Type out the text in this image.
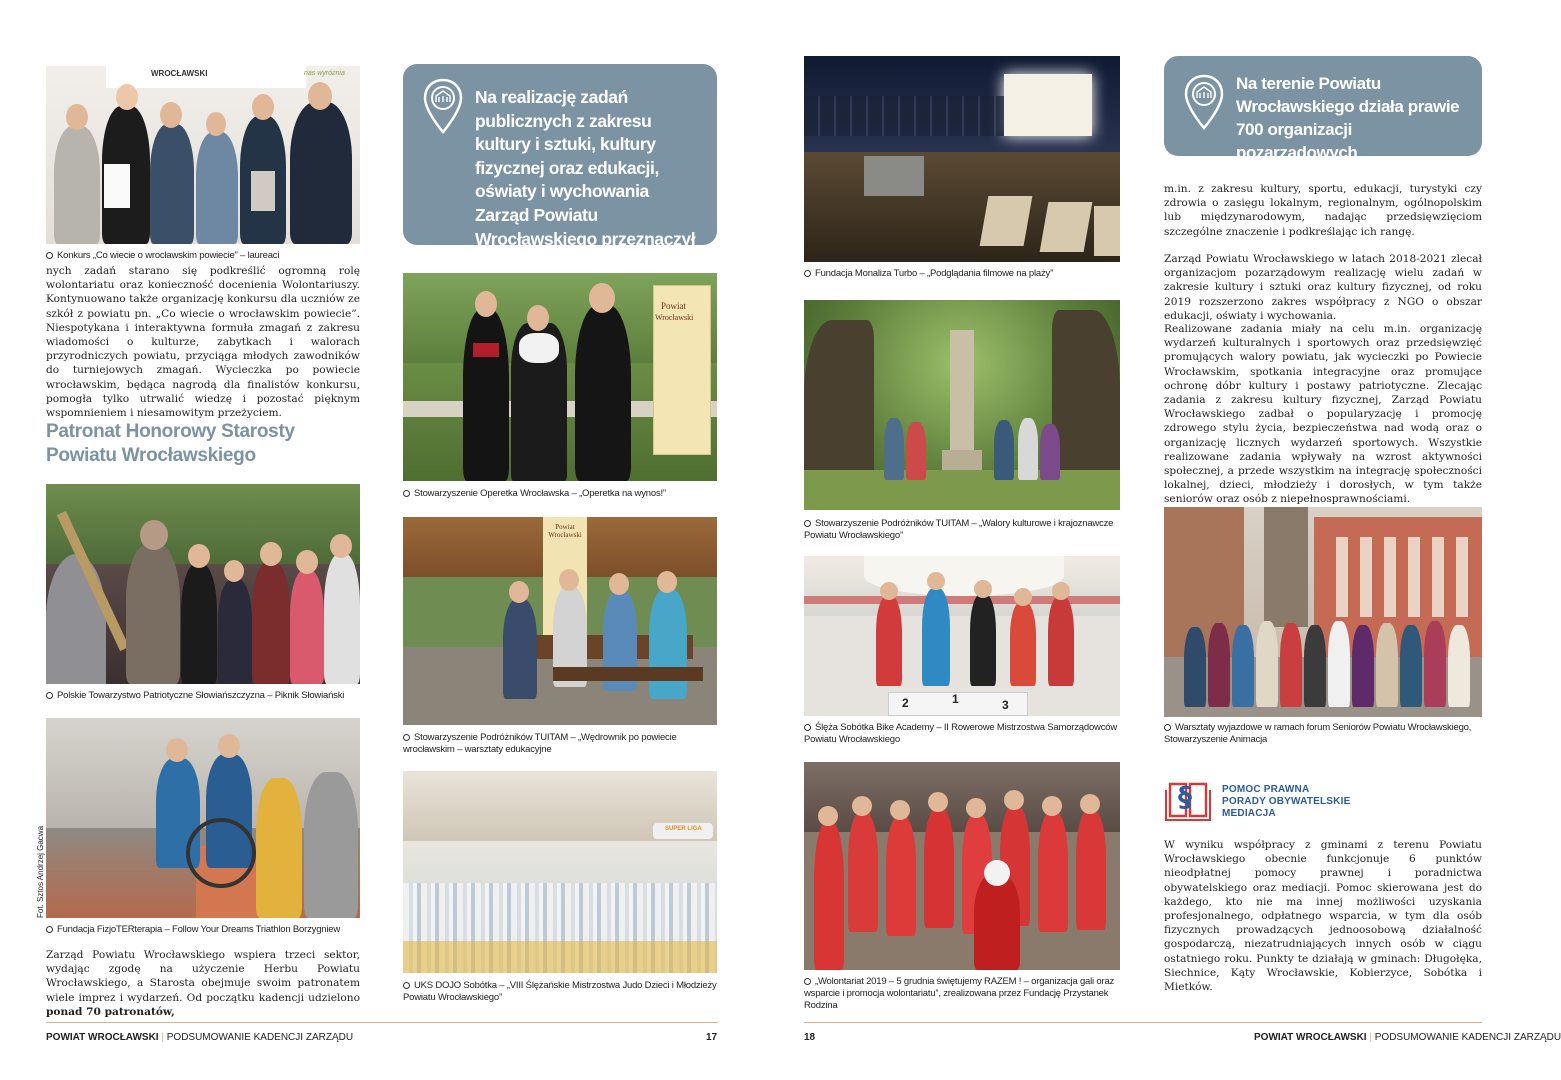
WROCŁAWSKI	nas wyróżnia
Konkurs „Co wiecie o wrocławskim powiecie” – laureaci
nych zadań starano się podkreślić ogromną rolę wolontariatu oraz konieczność docenienia Wolontariuszy. Kontynuowano także organizację konkursu dla uczniów ze szkół z powiatu pn. „Co wiecie o wrocławskim powiecie”. Niespotykana i interaktywna formuła zmagań z zakresu wiadomości o kulturze, zabytkach i walorach przyrodniczych powiatu, przyciąga młodych zawodników do turniejowych zmagań. Wycieczka po powiecie wrocławskim, będąca nagrodą dla finalistów konkursu, pomogła tylko utrwalić wiedzę i pozostać pięknym wspomnieniem i niesamowitym przeżyciem.
Patronat Honorowy Starosty Powiatu Wrocławskiego
Polskie Towarzystwo Patriotyczne Słowiańszczyzna – Piknik Słowiański
Fot. Sztos Andrzej Gacwa
Fundacja FizjoTERterapia – Follow Your Dreams Triathlon Borzygniew
Zarząd Powiatu Wrocławskiego wspiera trzeci sektor, wydając zgodę na użyczenie Herbu Powiatu Wrocławskiego, a Starosta obejmuje swoim patronatem wiele imprez i wydarzeń. Od początku kadencji udzielono ponad 70 patronatów,
Na realizację zadań publicznych z zakresu kultury i sztuki, kultury fizycznej oraz edukacji, oświaty i wychowania Zarząd Powiatu Wrocławskiego przeznaczył ponad 600 tys. zł
Powiat
Wrocławski
Stowarzyszenie Operetka Wrocławska – „Operetka na wynos!”
Powiat Wrocławski
Stowarzyszenie Podróżników TUITAM – „Wędrownik po powiecie wrocławskim – warsztaty edukacyjne
SUPER LIGA
UKS DOJO Sobótka – „VIII Ślężańskie Mistrzostwa Judo Dzieci i Młodzieży Powiatu Wrocławskiego”
POWIAT WROCŁAWSKI | PODSUMOWANIE KADENCJI ZARZĄDU	17
Fundacja Monaliza Turbo – „Podglądania filmowe na plaży”
Stowarzyszenie Podróżników TUITAM – „Walory kulturowe i krajoznawcze Powiatu Wrocławskiego”
2	1	3
Ślęża Sobótka Bike Academy – II Rowerowe Mistrzostwa Samorządowców Powiatu Wrocławskiego
„Wolontariat 2019 – 5 grudnia świętujemy RAZEM ! – organizacja gali oraz wsparcie i promocja wolontariatu”, zrealizowana przez Fundację Przystanek Rodzina
Na terenie Powiatu Wrocławskiego działa prawie 700 organizacji pozarządowych
m.in. z zakresu kultury, sportu, edukacji, turystyki czy zdrowia o zasięgu lokalnym, regionalnym, ogólnopolskim lub międzynarodowym, nadając przedsięwzięciom szczególne znaczenie i podkreślając ich rangę.
Zarząd Powiatu Wrocławskiego w latach 2018-2021 zlecał organizacjom pozarządowym realizację wielu zadań w zakresie kultury i sztuki oraz kultury fizycznej, od roku 2019 rozszerzono zakres współpracy z NGO o obszar edukacji, oświaty i wychowania.
Realizowane zadania miały na celu m.in. organizację wydarzeń kulturalnych i sportowych oraz przedsięwzięć promujących walory powiatu, jak wycieczki po Powiecie Wrocławskim, spotkania integracyjne oraz promujące ochronę dóbr kultury i postawy patriotyczne. Zlecając zadania z zakresu kultury fizycznej, Zarząd Powiatu Wrocławskiego zadbał o popularyzację i promocję zdrowego stylu życia, bezpieczeństwa nad wodą oraz o organizację licznych wydarzeń sportowych. Wszystkie realizowane zadania wpływały na wzrost aktywności społecznej, a przede wszystkim na integrację społeczności lokalnej, dzieci, młodzieży i dorosłych, w tym także seniorów oraz osób z niepełnosprawnościami.
Warsztaty wyjazdowe w ramach forum Seniorów Powiatu Wrocławskiego, Stowarzyszenie Animacja
§	POMOC PRAWNA
PORADY OBYWATELSKIE
MEDIACJA
W wyniku współpracy z gminami z terenu Powiatu Wrocławskiego obecnie funkcjonuje 6 punktów nieodpłatnej pomocy prawnej i poradnictwa obywatelskiego oraz mediacji. Pomoc skierowana jest do każdego, kto nie ma innej możliwości uzyskania profesjonalnego, odpłatnego wsparcia, w tym dla osób fizycznych prowadzących jednoosobową działalność gospodarczą, niezatrudniających innych osób w ciągu ostatniego roku. Punkty te działają w gminach: Długołęka, Siechnice, Kąty Wrocławskie, Kobierzyce, Sobótka i Mietków.
18	POWIAT WROCŁAWSKI | PODSUMOWANIE KADENCJI ZARZĄDU
